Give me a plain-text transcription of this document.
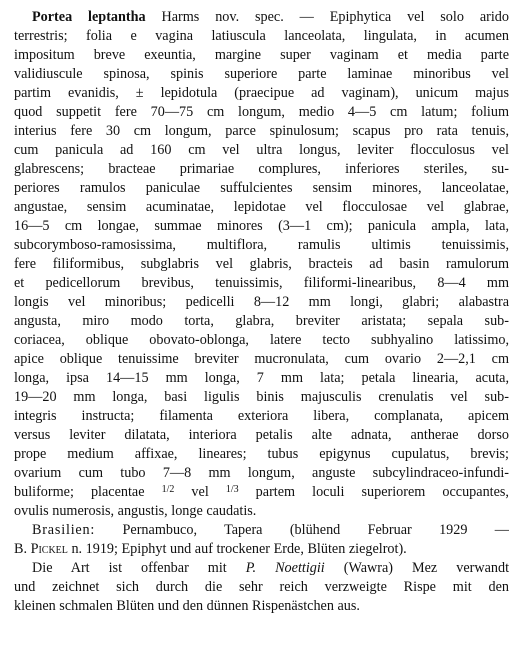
Portea leptantha Harms nov. spec. — Epiphytica vel solo arido

terrestris; folia e vagina latiuscula lanceolata, lingulata, in acumen

impositum breve exeuntia, margine super vaginam et media parte

validiuscule spinosa, spinis superiore parte laminae minoribus vel

partim evanidis, ± lepidotula (praecipue ad vaginam), unicum majus

quod suppetit fere 70—75 cm longum, medio 4—5 cm latum; folium

interius fere 30 cm longum, parce spinulosum; scapus pro rata tenuis,

cum panicula ad 160 cm vel ultra longus, leviter flocculosus vel

glabrescens; bracteae primariae complures, inferiores steriles, su-

periores ramulos paniculae suffulcientes sensim minores, lanceolatae,

angustae, sensim acuminatae, lepidotae vel flocculosae vel glabrae,

16—5 cm longae, summae minores (3—1 cm); panicula ampla, lata,

subcorymboso-ramosissima, multiflora, ramulis ultimis tenuissimis,

fere filiformibus, subglabris vel glabris, bracteis ad basin ramulorum

et pedicellorum brevibus, tenuissimis, filiformi-linearibus, 8—4 mm

longis vel minoribus; pedicelli 8—12 mm longi, glabri; alabastra

angusta, miro modo torta, glabra, breviter aristata; sepala sub-

coriacea, oblique obovato-oblonga, latere tecto subhyalino latissimo,

apice oblique tenuissime breviter mucronulata, cum ovario 2—2,1 cm

longa, ipsa 14—15 mm longa, 7 mm lata; petala linearia, acuta,

19—20 mm longa, basi ligulis binis majusculis crenulatis vel sub-

integris instructa; filamenta exteriora libera, complanata, apicem

versus leviter dilatata, interiora petalis alte adnata, antherae dorso

prope medium affixae, lineares; tubus epigynus cupulatus, brevis;

ovarium cum tubo 7—8 mm longum, anguste subcylindraceo-infundi-

buliforme; placentae $^{1/2}$ vel $^{1/3}$ partem loculi superiorem occupantes,

ovulis numerosis, angustis, longe caudatis.

Brasilien: Pernambuco, Tapera (blühend Februar 1929 —

B. Pickel n. 1919; Epiphyt und auf trockener Erde, Blüten ziegelrot).

Die Art ist offenbar mit P. Noettigii (Wawra) Mez verwandt

und zeichnet sich durch die sehr reich verzweigte Rispe mit den

kleinen schmalen Blüten und den dünnen Rispenästchen aus.
